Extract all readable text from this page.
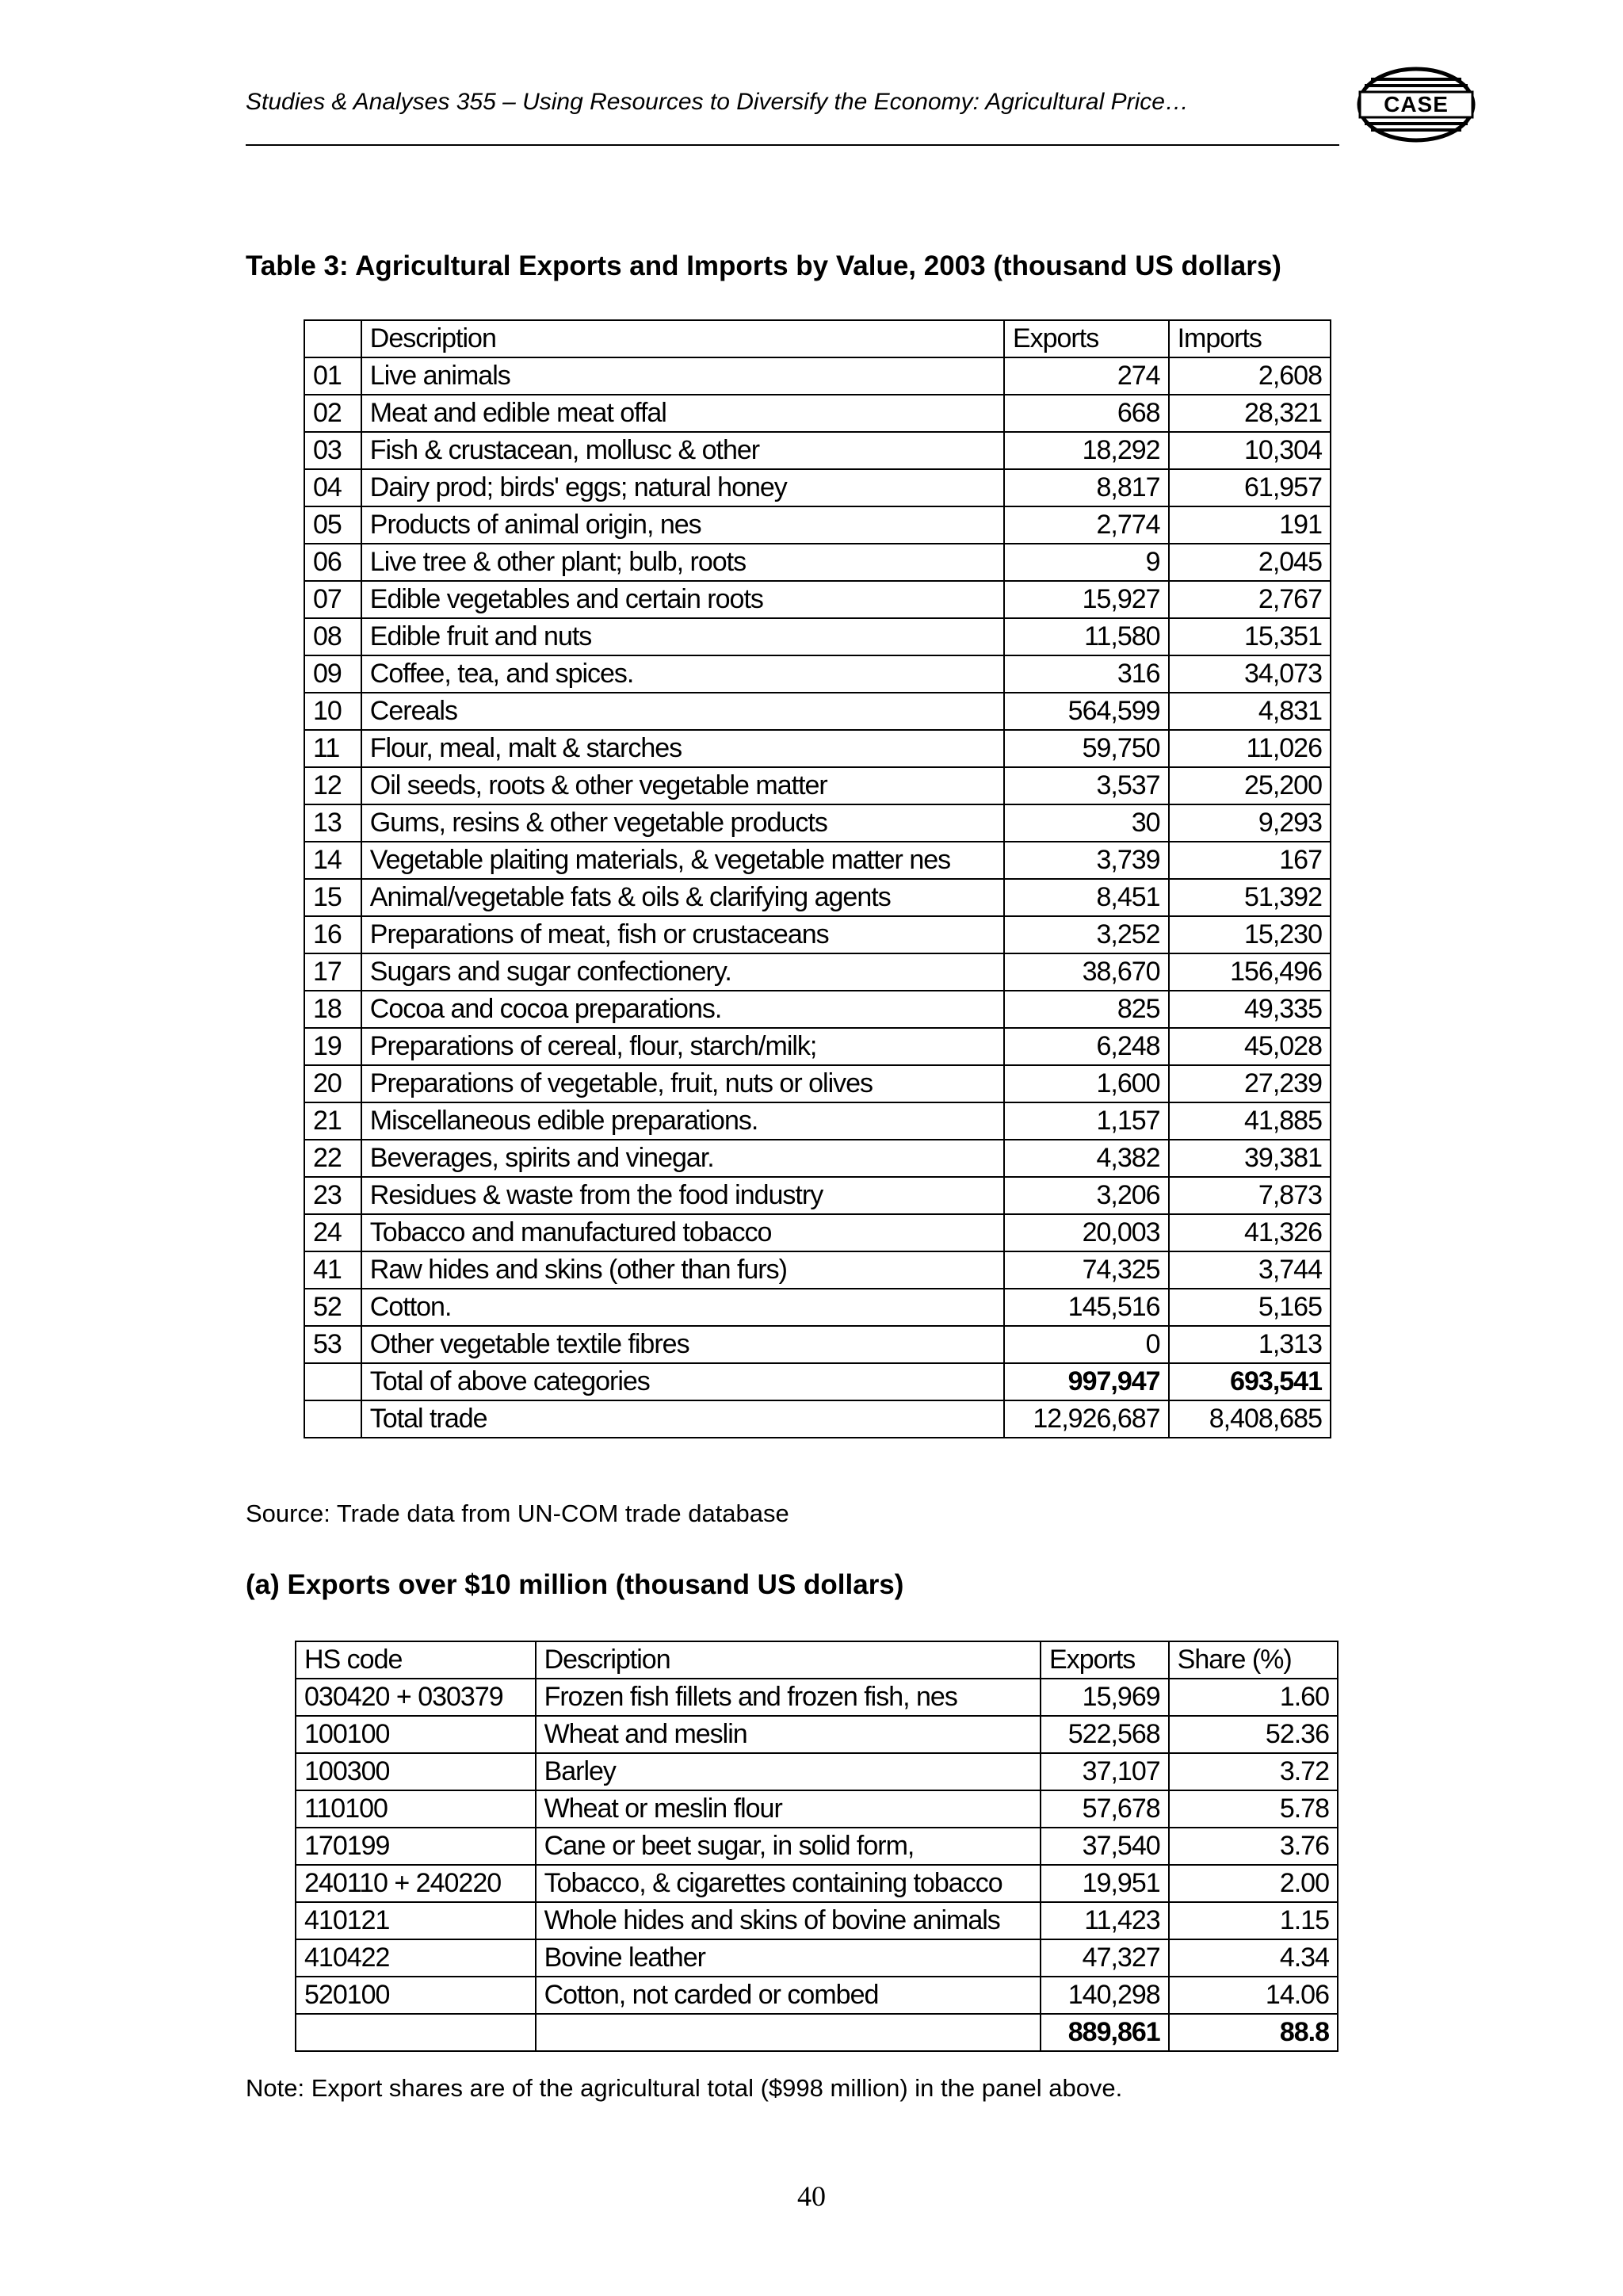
Studies & Analyses 355 – Using Resources to Diversify the Economy: Agricultural Price…	CASE
Table 3: Agricultural Exports and Imports by Value, 2003 (thousand US dollars)
	Description	Exports	Imports
01	Live animals	274	2,608
02	Meat and edible meat offal	668	28,321
03	Fish & crustacean, mollusc & other	18,292	10,304
04	Dairy prod; birds' eggs; natural honey	8,817	61,957
05	Products of animal origin, nes	2,774	191
06	Live tree & other plant; bulb, roots	9	2,045
07	Edible vegetables and certain roots	15,927	2,767
08	Edible fruit and nuts	11,580	15,351
09	Coffee, tea, and spices.	316	34,073
10	Cereals	564,599	4,831
11	Flour, meal, malt & starches	59,750	11,026
12	Oil seeds, roots & other vegetable matter	3,537	25,200
13	Gums, resins & other vegetable products	30	9,293
14	Vegetable plaiting materials, & vegetable matter nes	3,739	167
15	Animal/vegetable fats & oils & clarifying agents	8,451	51,392
16	Preparations of meat, fish or crustaceans	3,252	15,230
17	Sugars and sugar confectionery.	38,670	156,496
18	Cocoa and cocoa preparations.	825	49,335
19	Preparations of cereal, flour, starch/milk;	6,248	45,028
20	Preparations of vegetable, fruit, nuts or olives	1,600	27,239
21	Miscellaneous edible preparations.	1,157	41,885
22	Beverages, spirits and vinegar.	4,382	39,381
23	Residues & waste from the food industry	3,206	7,873
24	Tobacco and manufactured tobacco	20,003	41,326
41	Raw hides and skins (other than furs)	74,325	3,744
52	Cotton.	145,516	5,165
53	Other vegetable textile fibres	0	1,313
	Total of above categories	997,947	693,541
	Total trade	12,926,687	8,408,685
Source: Trade data from UN-COM trade database
(a) Exports over $10 million (thousand US dollars)
HS code	Description	Exports	Share (%)
030420 + 030379	Frozen fish fillets and frozen fish, nes	15,969	1.60
100100	Wheat and meslin	522,568	52.36
100300	Barley	37,107	3.72
110100	Wheat or meslin flour	57,678	5.78
170199	Cane or beet sugar, in solid form,	37,540	3.76
240110 + 240220	Tobacco, & cigarettes containing tobacco	19,951	2.00
410121	Whole hides and skins of bovine animals	11,423	1.15
410422	Bovine leather	47,327	4.34
520100	Cotton, not carded or combed	140,298	14.06
		889,861	88.8
Note: Export shares are of the agricultural total ($998 million) in the panel above.
40
